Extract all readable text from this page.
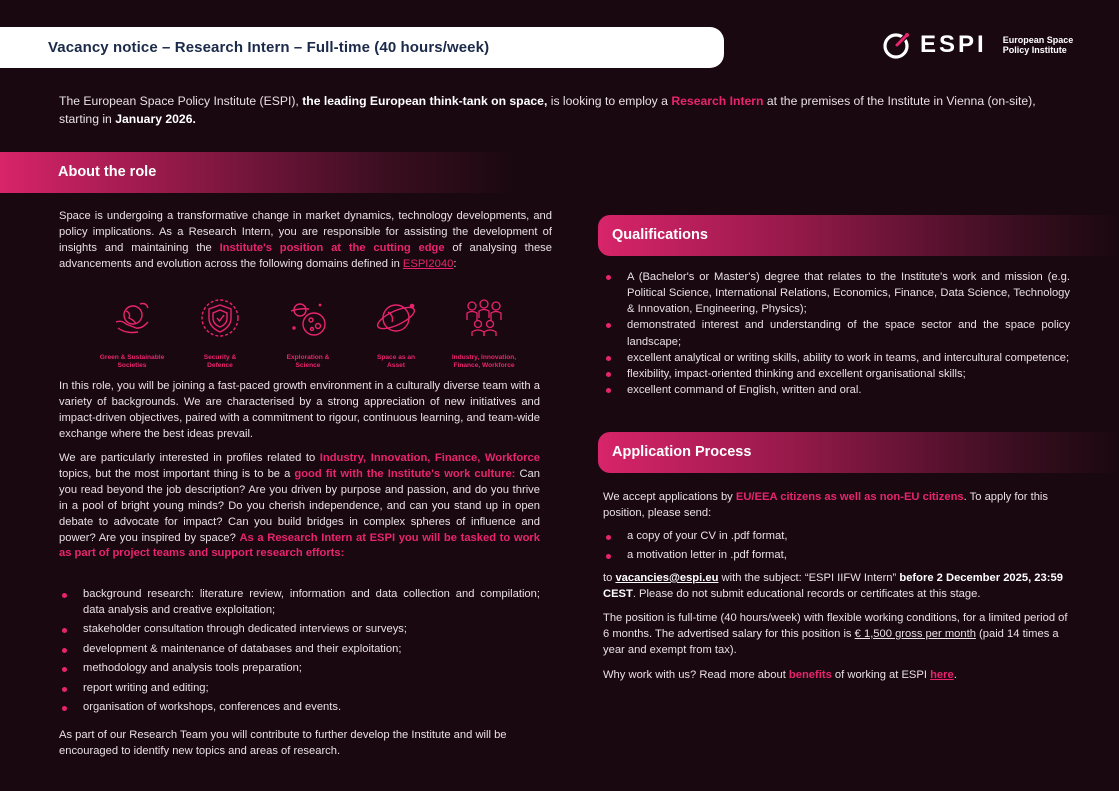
Vacancy notice – Research Intern – Full-time (40 hours/week)	ESPI European Space
Policy Institute

The European Space Policy Institute (ESPI), the leading European think-tank on space, is looking to employ a Research Intern at the premises of the Institute in Vienna (on-site), starting in January 2026.

About the role

Space is undergoing a transformative change in market dynamics, technology developments, and policy implications. As a Research Intern, you are responsible for assisting the development of insights and maintaining the Institute's position at the cutting edge of analysing these advancements and evolution across the following domains defined in ESPI2040:

Green & Sustainable
Societies
Security &
Defence
Exploration &
Science
Space as an
Asset
Industry, Innovation,
Finance, Workforce

In this role, you will be joining a fast-paced growth environment in a culturally diverse team with a variety of backgrounds. We are characterised by a strong appreciation of new initiatives and impact-driven objectives, paired with a commitment to rigour, continuous learning, and team-wide exchange where the best ideas prevail.

We are particularly interested in profiles related to Industry, Innovation, Finance, Workforce topics, but the most important thing is to be a good fit with the Institute's work culture: Can you read beyond the job description? Are you driven by purpose and passion, and do you thrive in a pool of bright young minds? Do you cherish independence, and can you stand up in open debate to advocate for impact? Can you build bridges in complex spheres of influence and power? Are you inspired by space? As a Research Intern at ESPI you will be tasked to work as part of project teams and support research efforts:

background research: literature review, information and data collection and compilation; data analysis and creative exploitation;
stakeholder consultation through dedicated interviews or surveys;
development & maintenance of databases and their exploitation;
methodology and analysis tools preparation;
report writing and editing;
organisation of workshops, conferences and events.

As part of our Research Team you will contribute to further develop the Institute and will be encouraged to identify new topics and areas of research.

Qualifications
A (Bachelor's or Master's) degree that relates to the Institute's work and mission (e.g. Political Science, International Relations, Economics, Finance, Data Science, Technology & Innovation, Engineering, Physics);
demonstrated interest and understanding of the space sector and the space policy landscape;
excellent analytical or writing skills, ability to work in teams, and intercultural competence;
flexibility, impact-oriented thinking and excellent organisational skills;
excellent command of English, written and oral.
Application Process

We accept applications by EU/EEA citizens as well as non-EU citizens. To apply for this position, please send:

a copy of your CV in .pdf format,
a motivation letter in .pdf format,

to vacancies@espi.eu with the subject: “ESPI IIFW Intern” before 2 December 2025, 23:59 CEST. Please do not submit educational records or certificates at this stage.

The position is full-time (40 hours/week) with flexible working conditions, for a limited period of 6 months. The advertised salary for this position is € 1,500 gross per month (paid 14 times a year and exempt from tax).

Why work with us? Read more about benefits of working at ESPI here.
